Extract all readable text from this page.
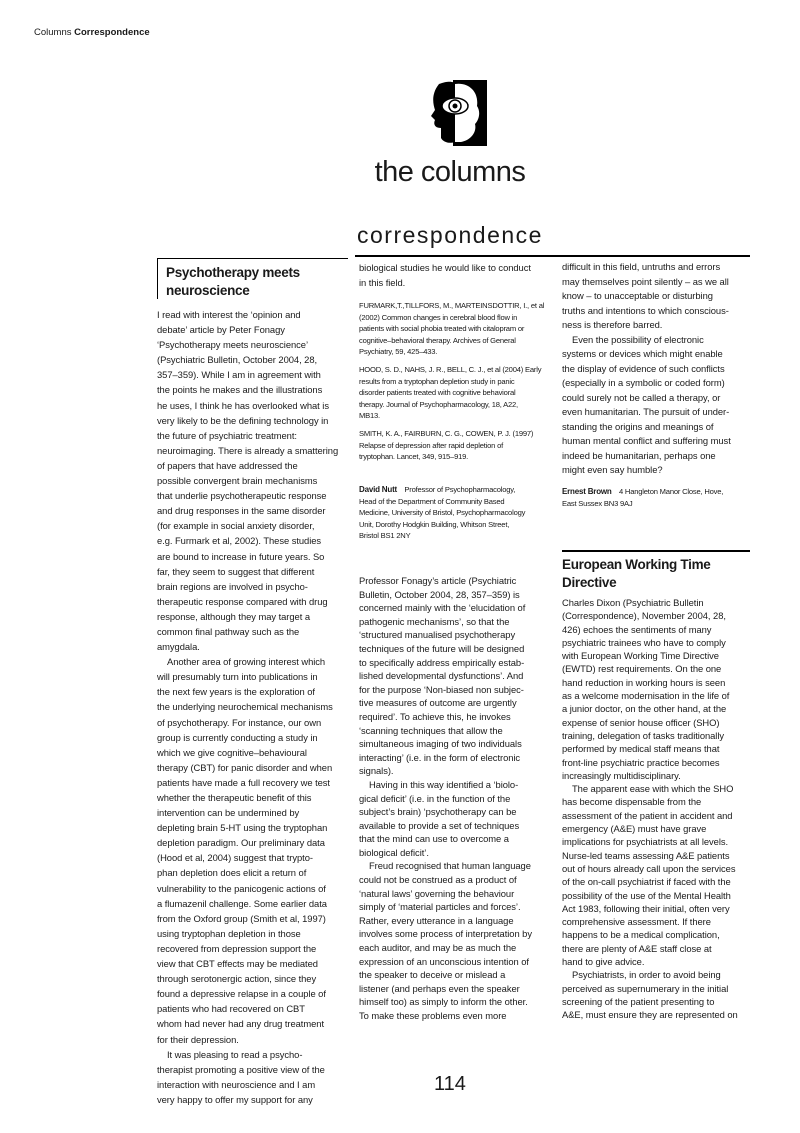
Columns Correspondence
the columns
correspondence
Psychotherapy meets neuroscience
I read with interest the ‘opinion and
debate’ article by Peter Fonagy
‘Psychotherapy meets neuroscience’
(Psychiatric Bulletin, October 2004, 28,
357–359). While I am in agreement with
the points he makes and the illustrations
he uses, I think he has overlooked what is
very likely to be the defining technology in
the future of psychiatric treatment:
neuroimaging. There is already a smattering
of papers that have addressed the
possible convergent brain mechanisms
that underlie psychotherapeutic response
and drug responses in the same disorder
(for example in social anxiety disorder,
e.g. Furmark et al, 2002). These studies
are bound to increase in future years. So
far, they seem to suggest that different
brain regions are involved in psycho-
therapeutic response compared with drug
response, although they may target a
common final pathway such as the
amygdala.
Another area of growing interest which
will presumably turn into publications in
the next few years is the exploration of
the underlying neurochemical mechanisms
of psychotherapy. For instance, our own
group is currently conducting a study in
which we give cognitive–behavioural
therapy (CBT) for panic disorder and when
patients have made a full recovery we test
whether the therapeutic benefit of this
intervention can be undermined by
depleting brain 5-HT using the tryptophan
depletion paradigm. Our preliminary data
(Hood et al, 2004) suggest that trypto-
phan depletion does elicit a return of
vulnerability to the panicogenic actions of
a flumazenil challenge. Some earlier data
from the Oxford group (Smith et al, 1997)
using tryptophan depletion in those
recovered from depression support the
view that CBT effects may be mediated
through serotonergic action, since they
found a depressive relapse in a couple of
patients who had recovered on CBT
whom had never had any drug treatment
for their depression.
It was pleasing to read a psycho-
therapist promoting a positive view of the
interaction with neuroscience and I am
very happy to offer my support for any
biological studies he would like to conduct
in this field.
FURMARK,T.,TILLFORS, M., MARTEINSDOTTIR, I., et al
(2002) Common changes in cerebral blood flow in
patients with social phobia treated with citalopram or
cognitive–behavioral therapy. Archives of General
Psychiatry, 59, 425–433.
HOOD, S. D., NAHS, J. R., BELL, C. J., et al (2004) Early
results from a tryptophan depletion study in panic
disorder patients treated with cognitive behavioral
therapy. Journal of Psychopharmacology, 18, A22,
MB13.
SMITH, K. A., FAIRBURN, C. G., COWEN, P. J. (1997)
Relapse of depression after rapid depletion of
tryptophan. Lancet, 349, 915–919.
David Nutt Professor of Psychopharmacology,
Head of the Department of Community Based
Medicine, University of Bristol, Psychopharmacology
Unit, Dorothy Hodgkin Building, Whitson Street,
Bristol BS1 2NY
Professor Fonagy’s article (Psychiatric
Bulletin, October 2004, 28, 357–359) is
concerned mainly with the ‘elucidation of
pathogenic mechanisms’, so that the
‘structured manualised psychotherapy
techniques of the future will be designed
to specifically address empirically estab-
lished developmental dysfunctions’. And
for the purpose ‘Non-biased non subjec-
tive measures of outcome are urgently
required’. To achieve this, he invokes
‘scanning techniques that allow the
simultaneous imaging of two individuals
interacting’ (i.e. in the form of electronic
signals).
Having in this way identified a ‘biolo-
gical deficit’ (i.e. in the function of the
subject’s brain) ‘psychotherapy can be
available to provide a set of techniques
that the mind can use to overcome a
biological deficit’.
Freud recognised that human language
could not be construed as a product of
‘natural laws’ governing the behaviour
simply of ‘material particles and forces’.
Rather, every utterance in a language
involves some process of interpretation by
each auditor, and may be as much the
expression of an unconscious intention of
the speaker to deceive or mislead a
listener (and perhaps even the speaker
himself too) as simply to inform the other.
To make these problems even more
difficult in this field, untruths and errors
may themselves point silently – as we all
know – to unacceptable or disturbing
truths and intentions to which conscious-
ness is therefore barred.
Even the possibility of electronic
systems or devices which might enable
the display of evidence of such conflicts
(especially in a symbolic or coded form)
could surely not be called a therapy, or
even humanitarian. The pursuit of under-
standing the origins and meanings of
human mental conflict and suffering must
indeed be humanitarian, perhaps one
might even say humble?
Ernest Brown 4 Hangleton Manor Close, Hove,
East Sussex BN3 9AJ
European Working Time Directive
Charles Dixon (Psychiatric Bulletin
(Correspondence), November 2004, 28,
426) echoes the sentiments of many
psychiatric trainees who have to comply
with European Working Time Directive
(EWTD) rest requirements. On the one
hand reduction in working hours is seen
as a welcome modernisation in the life of
a junior doctor, on the other hand, at the
expense of senior house officer (SHO)
training, delegation of tasks traditionally
performed by medical staff means that
front-line psychiatric practice becomes
increasingly multidisciplinary.
The apparent ease with which the SHO
has become dispensable from the
assessment of the patient in accident and
emergency (A&E) must have grave
implications for psychiatrists at all levels.
Nurse-led teams assessing A&E patients
out of hours already call upon the services
of the on-call psychiatrist if faced with the
possibility of the use of the Mental Health
Act 1983, following their initial, often very
comprehensive assessment. If there
happens to be a medical complication,
there are plenty of A&E staff close at
hand to give advice.
Psychiatrists, in order to avoid being
perceived as supernumerary in the initial
screening of the patient presenting to
A&E, must ensure they are represented on
114
